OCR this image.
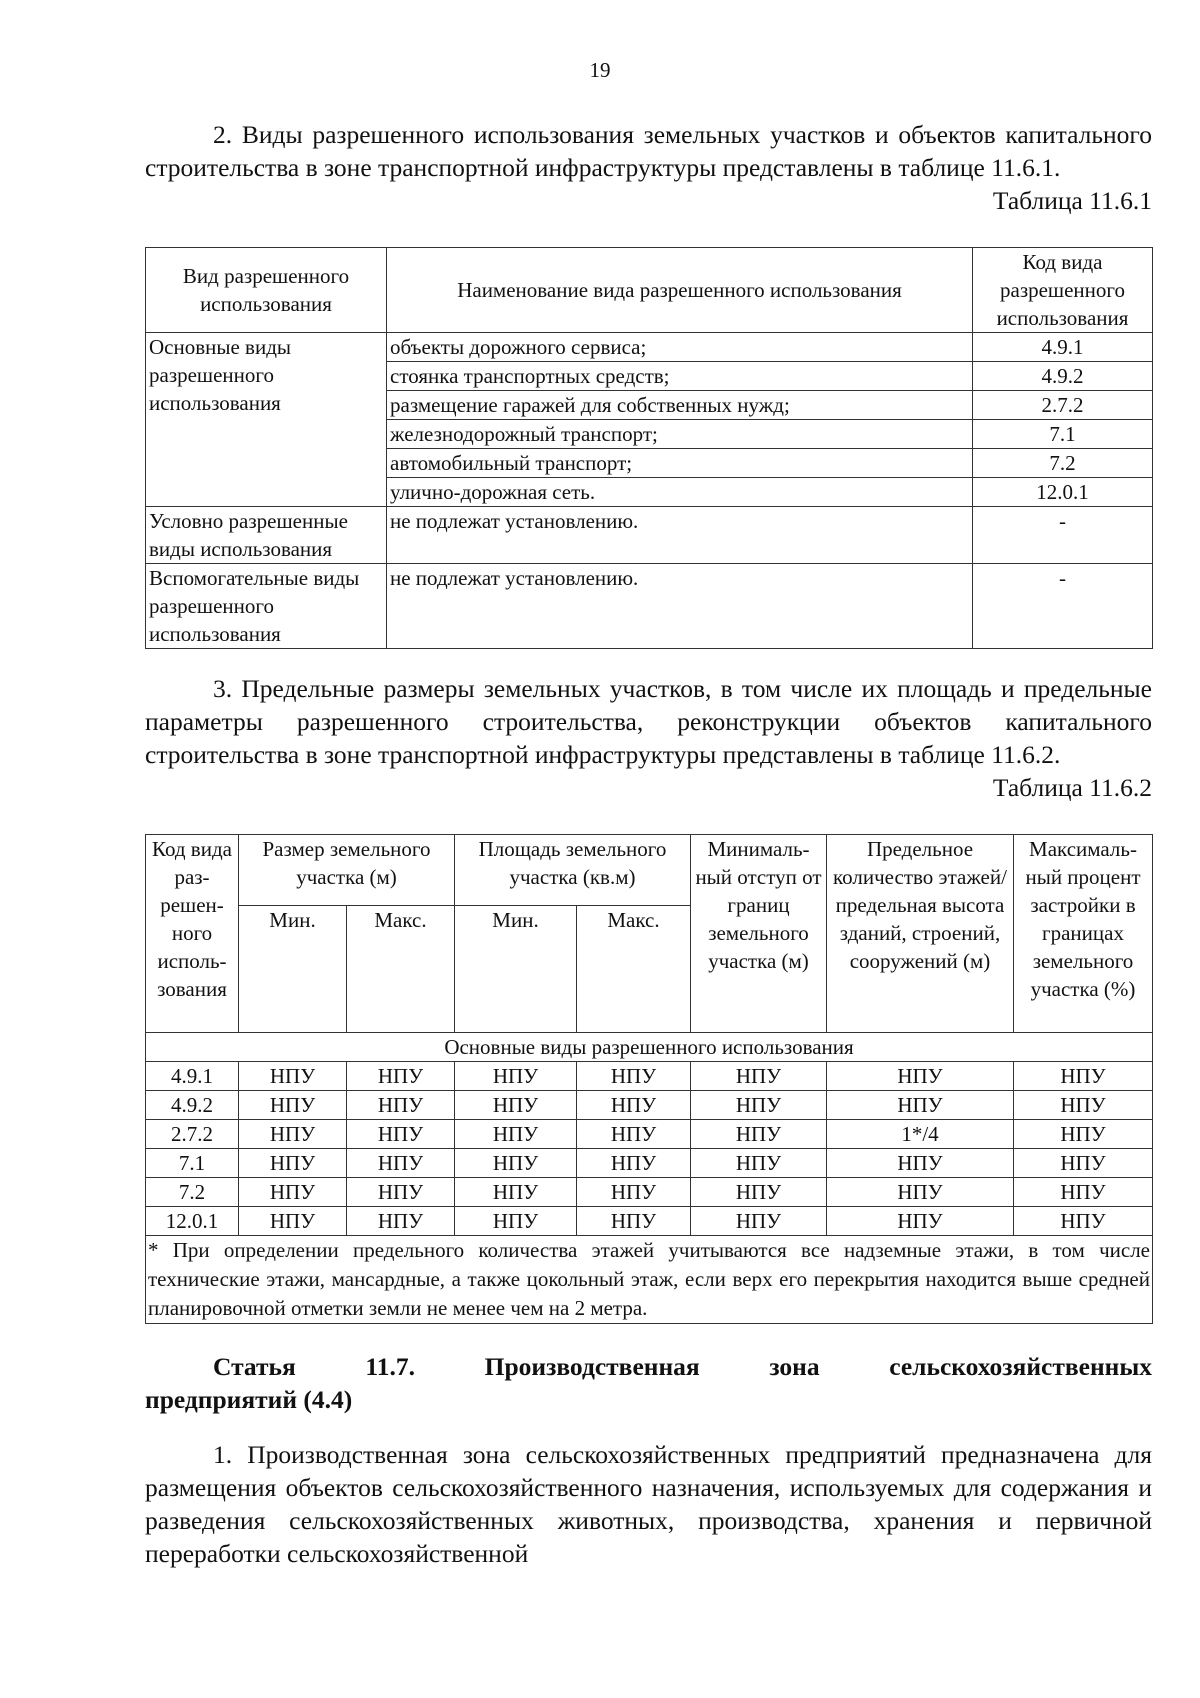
19

2. Виды разрешенного использования земельных участков и объектов капитального строительства в зоне транспортной инфраструктуры представлены в таблице 11.6.1.

Таблица 11.6.1
Вид разрешенного использования	Наименование вида разрешенного использования	Код вида разрешенного использования
Основные виды разрешенного использования	объекты дорожного сервиса;	4.9.1
	стоянка транспортных средств;	4.9.2
	размещение гаражей для собственных нужд;	2.7.2
	железнодорожный транспорт;	7.1
	автомобильный транспорт;	7.2
	улично-дорожная сеть.	12.0.1
Условно разрешенные виды использования	не подлежат установлению.	-
Вспомогательные виды разрешенного использования	не подлежат установлению.	-

3. Предельные размеры земельных участков, в том числе их площадь и предельные параметры разрешенного строительства, реконструкции объектов капитального строительства в зоне транспортной инфраструктуры представлены в таблице 11.6.2.

Таблица 11.6.2
Код вида раз-решен-ного исполь-зования	Размер земельного участка (м)		Площадь земельного участка (кв.м)		Минималь-ный отступ от границ земельного участка (м)	Предельное количество этажей/ предельная высота зданий, строений, сооружений (м)	Максималь-ный процент застройки в границах земельного участка (%)
	Мин.	Макс.	Мин.	Макс.			
Основные виды разрешенного использования							
4.9.1	НПУ	НПУ	НПУ	НПУ	НПУ	НПУ	НПУ
4.9.2	НПУ	НПУ	НПУ	НПУ	НПУ	НПУ	НПУ
2.7.2	НПУ	НПУ	НПУ	НПУ	НПУ	1*/4	НПУ
7.1	НПУ	НПУ	НПУ	НПУ	НПУ	НПУ	НПУ
7.2	НПУ	НПУ	НПУ	НПУ	НПУ	НПУ	НПУ
12.0.1	НПУ	НПУ	НПУ	НПУ	НПУ	НПУ	НПУ
* При определении предельного количества этажей учитываются все надземные этажи, в том числе технические этажи, мансардные, а также цокольный этаж, если верх его перекрытия находится выше средней планировочной отметки земли не менее чем на 2 метра.							

Статья 11.7. Производственная зона сельскохозяйственных

предприятий (4.4)

1. Производственная зона сельскохозяйственных предприятий предназначена для размещения объектов сельскохозяйственного назначения, используемых для содержания и разведения сельскохозяйственных животных, производства, хранения и первичной переработки сельскохозяйственной
